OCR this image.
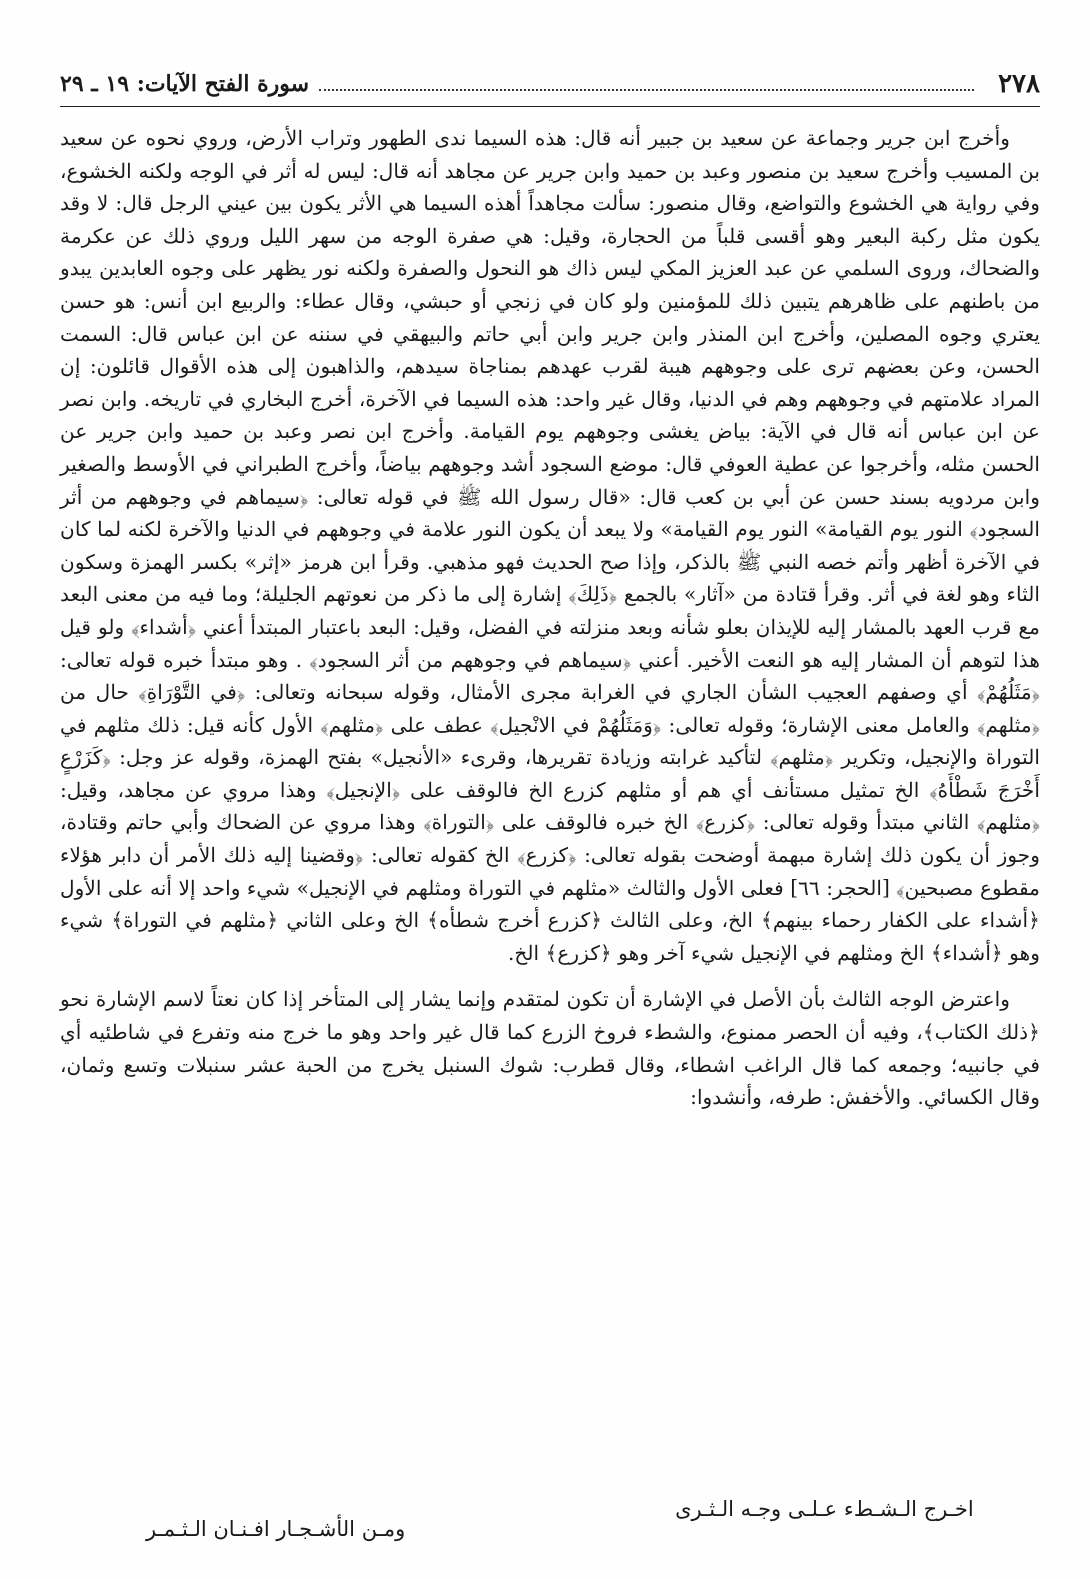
٢٧٨
سورة الفتح الآيات: ١٩ ـ ٢٩

وأخرج ابن جرير وجماعة عن سعيد بن جبير أنه قال: هذه السيما ندى الطهور وتراب الأرض، وروي نحوه عن سعيد بن المسيب وأخرج سعيد بن منصور وعبد بن حميد وابن جرير عن مجاهد أنه قال: ليس له أثر في الوجه ولكنه الخشوع، وفي رواية هي الخشوع والتواضع، وقال منصور: سألت مجاهداً أهذه السيما هي الأثر يكون بين عيني الرجل قال: لا وقد يكون مثل ركبة البعير وهو أقسى قلباً من الحجارة، وقيل: هي صفرة الوجه من سهر الليل وروي ذلك عن عكرمة والضحاك، وروى السلمي عن عبد العزيز المكي ليس ذاك هو النحول والصفرة ولكنه نور يظهر على وجوه العابدين يبدو من باطنهم على ظاهرهم يتبين ذلك للمؤمنين ولو كان في زنجي أو حبشي، وقال عطاء: والربيع ابن أنس: هو حسن يعتري وجوه المصلين، وأخرج ابن المنذر وابن جرير وابن أبي حاتم والبيهقي في سننه عن ابن عباس قال: السمت الحسن، وعن بعضهم ترى على وجوههم هيبة لقرب عهدهم بمناجاة سيدهم، والذاهبون إلى هذه الأقوال قائلون: إن المراد علامتهم في وجوههم وهم في الدنيا، وقال غير واحد: هذه السيما في الآخرة، أخرج البخاري في تاريخه. وابن نصر عن ابن عباس أنه قال في الآية: بياض يغشى وجوههم يوم القيامة. وأخرج ابن نصر وعبد بن حميد وابن جرير عن الحسن مثله، وأخرجوا عن عطية العوفي قال: موضع السجود أشد وجوههم بياضاً، وأخرج الطبراني في الأوسط والصغير وابن مردويه بسند حسن عن أبي بن كعب قال: «قال رسول الله ﷺ في قوله تعالى: ﴿سيماهم في وجوههم من أثر السجود﴾ النور يوم القيامة» النور يوم القيامة» ولا يبعد أن يكون النور علامة في وجوههم في الدنيا والآخرة لكنه لما كان في الآخرة أظهر وأتم خصه النبي ﷺ بالذكر، وإذا صح الحديث فهو مذهبي. وقرأ ابن هرمز «إثر» بكسر الهمزة وسكون الثاء وهو لغة في أثر. وقرأ قتادة من «آثار» بالجمع ﴿ذَلِكَ﴾ إشارة إلى ما ذكر من نعوتهم الجليلة؛ وما فيه من معنى البعد مع قرب العهد بالمشار إليه للإيذان بعلو شأنه وبعد منزلته في الفضل، وقيل: البعد باعتبار المبتدأ أعني ﴿أشداء﴾ ولو قيل هذا لتوهم أن المشار إليه هو النعت الأخير. أعني ﴿سيماهم في وجوههم من أثر السجود﴾ . وهو مبتدأ خبره قوله تعالى: ﴿مَثَلُهُمْ﴾ أي وصفهم العجيب الشأن الجاري في الغرابة مجرى الأمثال، وقوله سبحانه وتعالى: ﴿في التَّوْرَاةِ﴾ حال من ﴿مثلهم﴾ والعامل معنى الإشارة؛ وقوله تعالى: ﴿وَمَثَلُهُمْ في الانْجيل﴾ عطف على ﴿مثلهم﴾ الأول كأنه قيل: ذلك مثلهم في التوراة والإنجيل، وتكرير ﴿مثلهم﴾ لتأكيد غرابته وزيادة تقريرها، وقرىء «الأنجيل» بفتح الهمزة، وقوله عز وجل: ﴿كَزَرْعٍ أَخْرَجَ شَطْأَهُ﴾ الخ تمثيل مستأنف أي هم أو مثلهم كزرع الخ فالوقف على ﴿الإنجيل﴾ وهذا مروي عن مجاهد، وقيل: ﴿مثلهم﴾ الثاني مبتدأ وقوله تعالى: ﴿كزرع﴾ الخ خبره فالوقف على ﴿التوراة﴾ وهذا مروي عن الضحاك وأبي حاتم وقتادة، وجوز أن يكون ذلك إشارة مبهمة أوضحت بقوله تعالى: ﴿كزرع﴾ الخ كقوله تعالى: ﴿وقضينا إليه ذلك الأمر أن دابر هؤلاء مقطوع مصبحين﴾ [الحجر: ٦٦] فعلى الأول والثالث «مثلهم في التوراة ومثلهم في الإنجيل» شيء واحد إلا أنه على الأول ﴿أشداء على الكفار رحماء بينهم﴾ الخ، وعلى الثالث ﴿كزرع أخرج شطأه﴾ الخ وعلى الثاني ﴿مثلهم في التوراة﴾ شيء وهو ﴿أشداء﴾ الخ ومثلهم في الإنجيل شيء آخر وهو ﴿كزرع﴾ الخ.

واعترض الوجه الثالث بأن الأصل في الإشارة أن تكون لمتقدم وإنما يشار إلى المتأخر إذا كان نعتاً لاسم الإشارة نحو ﴿ذلك الكتاب﴾، وفيه أن الحصر ممنوع، والشطء فروخ الزرع كما قال غير واحد وهو ما خرج منه وتفرع في شاطئيه أي في جانبيه؛ وجمعه كما قال الراغب اشطاء، وقال قطرب: شوك السنبل يخرج من الحبة عشر سنبلات وتسع وثمان، وقال الكسائي. والأخفش: طرفه، وأنشدوا:

اخـرج الـشـطء عـلـى وجـه الـثـرى
ومـن الأشـجـار افـنـان الـثـمـر
